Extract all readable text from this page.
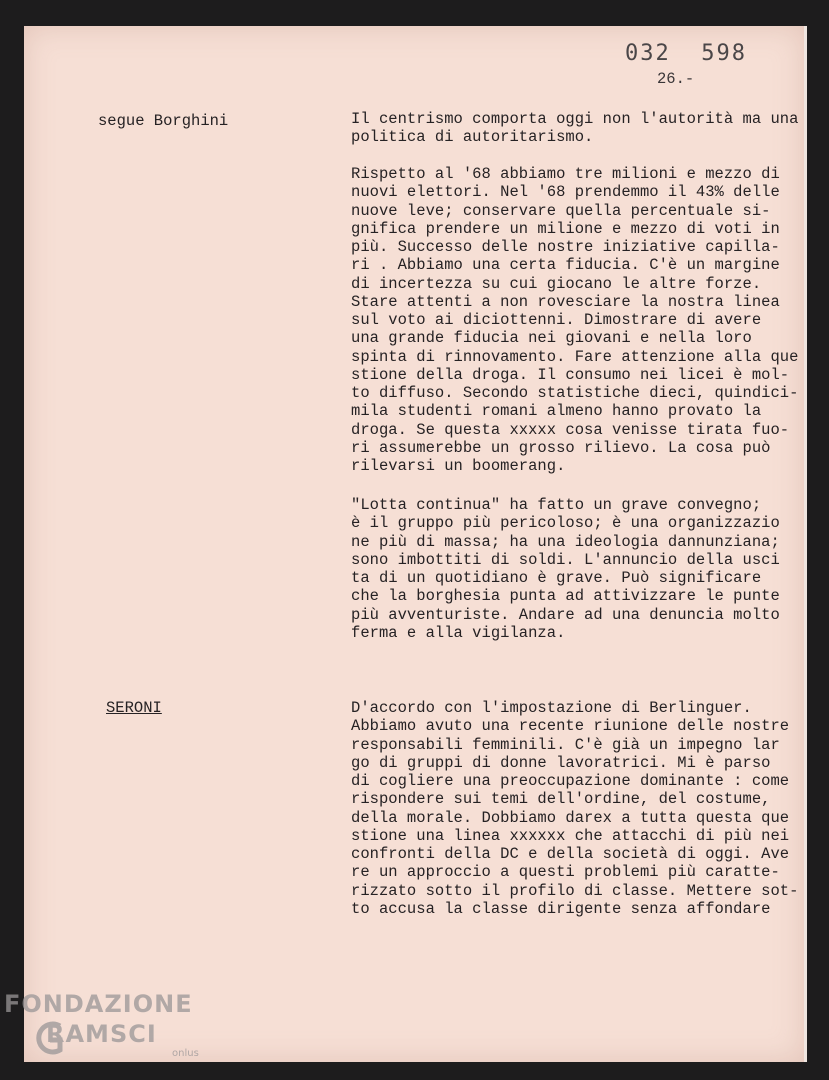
032  598
26.-
segue Borghini	Il centrismo comporta oggi non l'autorità ma una
politica di autoritarismo.

Rispetto al '68 abbiamo tre milioni e mezzo di
nuovi elettori. Nel '68 prendemmo il 43% delle
nuove leve; conservare quella percentuale si-
gnifica prendere un milione e mezzo di voti in
più. Successo delle nostre iniziative capilla-
ri . Abbiamo una certa fiducia. C'è un margine
di incertezza su cui giocano le altre forze.
Stare attenti a non rovesciare la nostra linea
sul voto ai diciottenni. Dimostrare di avere
una grande fiducia nei giovani e nella loro
spinta di rinnovamento. Fare attenzione alla que
stione della droga. Il consumo nei licei è mol-
to diffuso. Secondo statistiche dieci, quindici-
mila studenti romani almeno hanno provato la
droga. Se questa xxxxx cosa venisse tirata fuo-
ri assumerebbe un grosso rilievo. La cosa può
rilevarsi un boomerang.

"Lotta continua" ha fatto un grave convegno;
è il gruppo più pericoloso; è una organizzazio
ne più di massa; ha una ideologia dannunziana;
sono imbottiti di soldi. L'annuncio della usci
ta di un quotidiano è grave. Può significare
che la borghesia punta ad attivizzare le punte
più avventuriste. Andare ad una denuncia molto
ferma e alla vigilanza.

SERONI	D'accordo con l'impostazione di Berlinguer.
Abbiamo avuto una recente riunione delle nostre
responsabili femminili. C'è già un impegno lar
go di gruppi di donne lavoratrici. Mi è parso
di cogliere una preoccupazione dominante : come
rispondere sui temi dell'ordine, del costume,
della morale. Dobbiamo darex a tutta questa que
stione una linea xxxxxx che attacchi di più nei
confronti della DC e della società di oggi. Ave
re un approccio a questi problemi più caratte-
rizzato sotto il profilo di classe. Mettere sot-
to accusa la classe dirigente senza affondare

FONDAZIONE
RAMSCI
onlus
